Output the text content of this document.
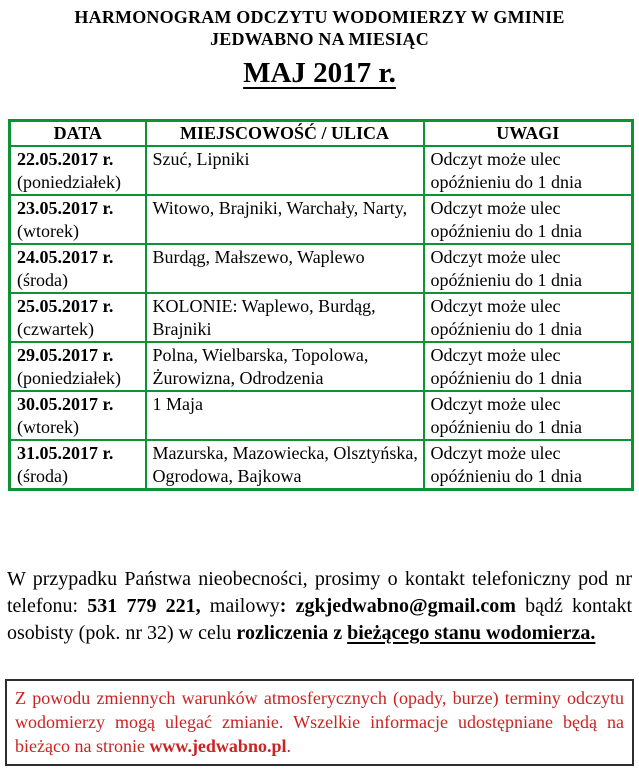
HARMONOGRAM ODCZYTU WODOMIERZY W GMINIE
JEDWABNO NA MIESIĄC
MAJ 2017 r.
DATA	MIEJSCOWOŚĆ / ULICA	UWAGI

22.05.2017 r.
(poniedziałek)	Szuć, Lipniki	Odczyt może ulec opóźnieniu do 1 dnia

23.05.2017 r.
(wtorek)	Witowo, Brajniki, Warchały, Narty,	Odczyt może ulec opóźnieniu do 1 dnia

24.05.2017 r.
(środa)	Burdąg, Małszewo, Waplewo	Odczyt może ulec opóźnieniu do 1 dnia

25.05.2017 r.
(czwartek)	KOLONIE: Waplewo, Burdąg, Brajniki	Odczyt może ulec opóźnieniu do 1 dnia

29.05.2017 r.
(poniedziałek)	Polna, Wielbarska, Topolowa, Żurowizna, Odrodzenia	Odczyt może ulec opóźnieniu do 1 dnia

30.05.2017 r.
(wtorek)	1 Maja	Odczyt może ulec opóźnieniu do 1 dnia

31.05.2017 r.
(środa)	Mazurska, Mazowiecka, Olsztyńska, Ogrodowa, Bajkowa	Odczyt może ulec opóźnieniu do 1 dnia

W przypadku Państwa nieobecności, prosimy o kontakt telefoniczny pod nr telefonu: 531 779 221, mailowy: zgkjedwabno@gmail.com bądź kontakt osobisty (pok. nr 32) w celu rozliczenia z bieżącego stanu wodomierza.

Z powodu zmiennych warunków atmosferycznych (opady, burze) terminy odczytu wodomierzy mogą ulegać zmianie. Wszelkie informacje udostępniane będą na bieżąco na stronie www.jedwabno.pl.
